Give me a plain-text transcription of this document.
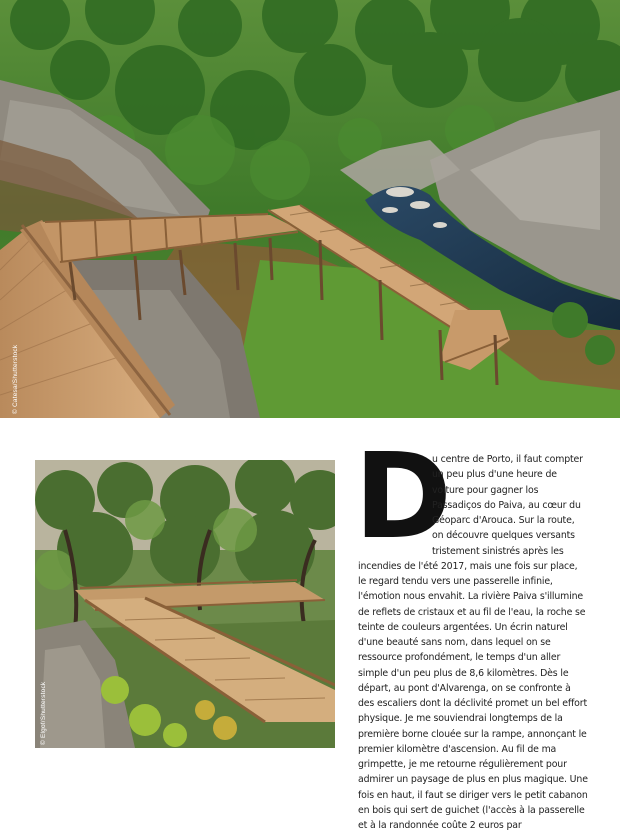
© Catesa/Shutterstock
© Elgof/Shutterstock
D

u centre de Porto, il faut compter un peu plus d'une heure de voiture pour gagner los Passadiços do Paiva, au cœur du Géoparc d'Arouca. Sur la route, on découvre quelques versants tristement sinistrés après les incendies de l'été 2017, mais une fois sur place, le regard tendu vers une passerelle infinie, l'émotion nous envahit. La rivière Paiva s'illumine de reflets de cristaux et au fil de l'eau, la roche se teinte de couleurs argentées. Un écrin naturel d'une beauté sans nom, dans lequel on se ressource profondément, le temps d'un aller simple d'un peu plus de 8,6 kilomètres. Dès le départ, au pont d'Alvarenga, on se confronte à des escaliers dont la déclivité promet un bel effort physique. Je me souviendrai longtemps de la première borne clouée sur la rampe, annonçant le premier kilomètre d'ascension. Au fil de ma grimpette, je me retourne régulièrement pour admirer un paysage de plus en plus magique. Une fois en haut, il faut se diriger vers le petit cabanon en bois qui sert de guichet (l'accès à la passerelle et à la randonnée coûte 2 euros par
